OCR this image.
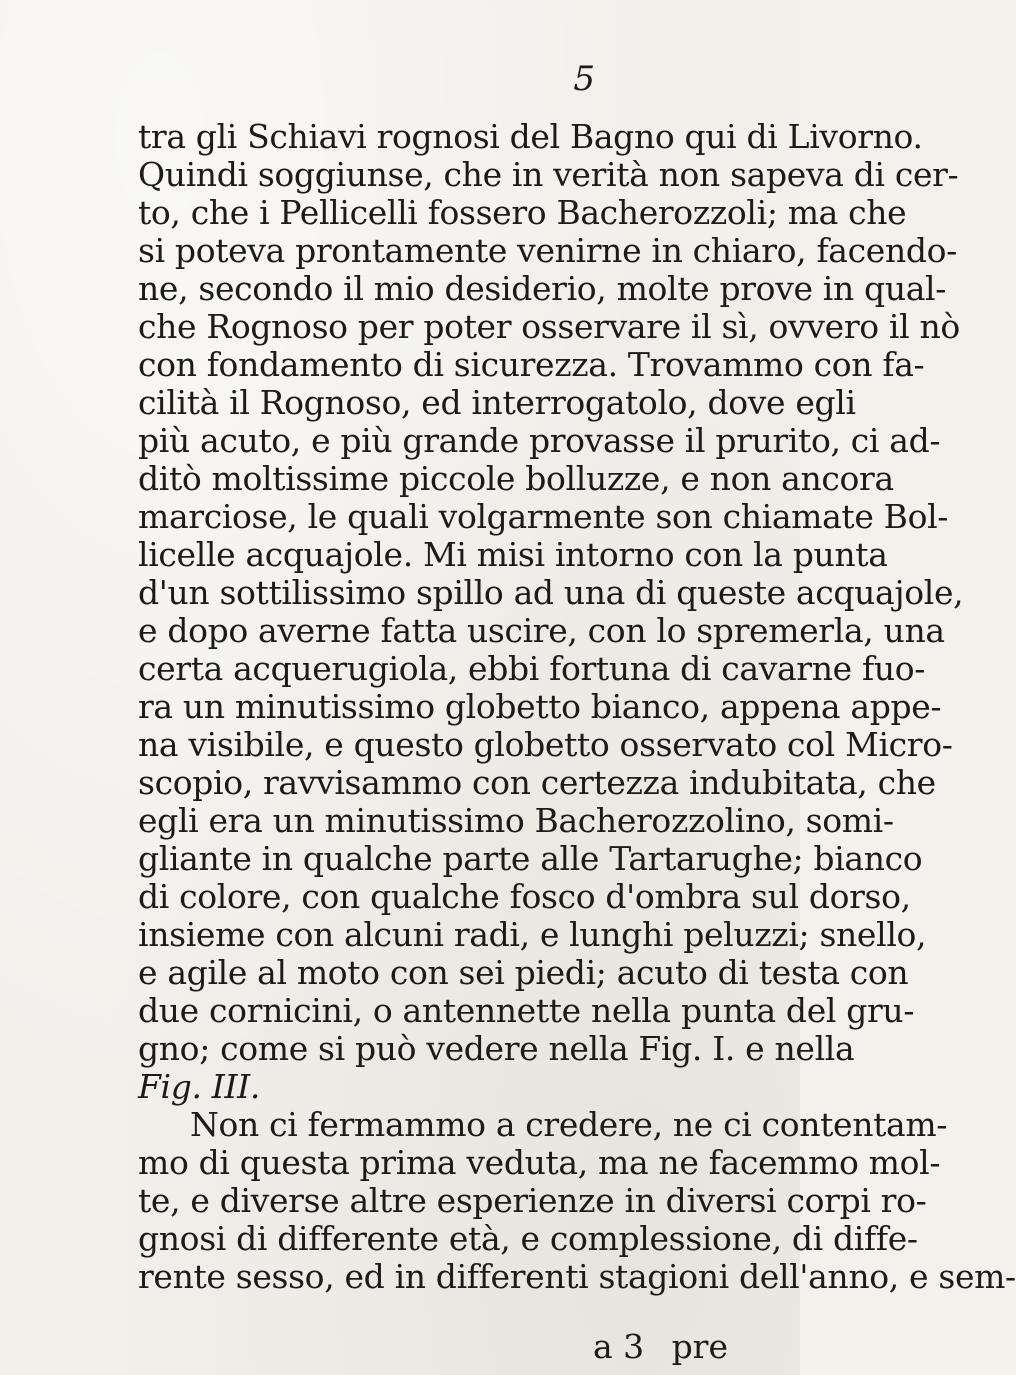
5
tra gli Schiavi rognosi del Bagno qui di Livorno.
Quindi soggiunse, che in verità non sapeva di cer-
to, che i Pellicelli fossero Bacherozzoli; ma che
si poteva prontamente venirne in chiaro, facendo-
ne, secondo il mio desiderio, molte prove in qual-
che Rognoso per poter osservare il sì, ovvero il nò
con fondamento di sicurezza. Trovammo con fa-
cilità il Rognoso, ed interrogatolo, dove egli
più acuto, e più grande provasse il prurito, ci ad-
ditò moltissime piccole bolluzze, e non ancora
marciose, le quali volgarmente son chiamate Bol-
licelle acquajole. Mi misi intorno con la punta
d'un sottilissimo spillo ad una di queste acquajole,
e dopo averne fatta uscire, con lo spremerla, una
certa acquerugiola, ebbi fortuna di cavarne fuo-
ra un minutissimo globetto bianco, appena appe-
na visibile, e questo globetto osservato col Micro-
scopio, ravvisammo con certezza indubitata, che
egli era un minutissimo Bacherozzolino, somi-
gliante in qualche parte alle Tartarughe; bianco
di colore, con qualche fosco d'ombra sul dorso,
insieme con alcuni radi, e lunghi peluzzi; snello,
e agile al moto con sei piedi; acuto di testa con
due cornicini, o antennette nella punta del gru-
gno; come si può vedere nella Fig. I. e nella
Fig. III.
Non ci fermammo a credere, ne ci contentam-
mo di questa prima veduta, ma ne facemmo mol-
te, e diverse altre esperienze in diversi corpi ro-
gnosi di differente età, e complessione, di diffe-
rente sesso, ed in differenti stagioni dell'anno, e sem-
a 3 pre
